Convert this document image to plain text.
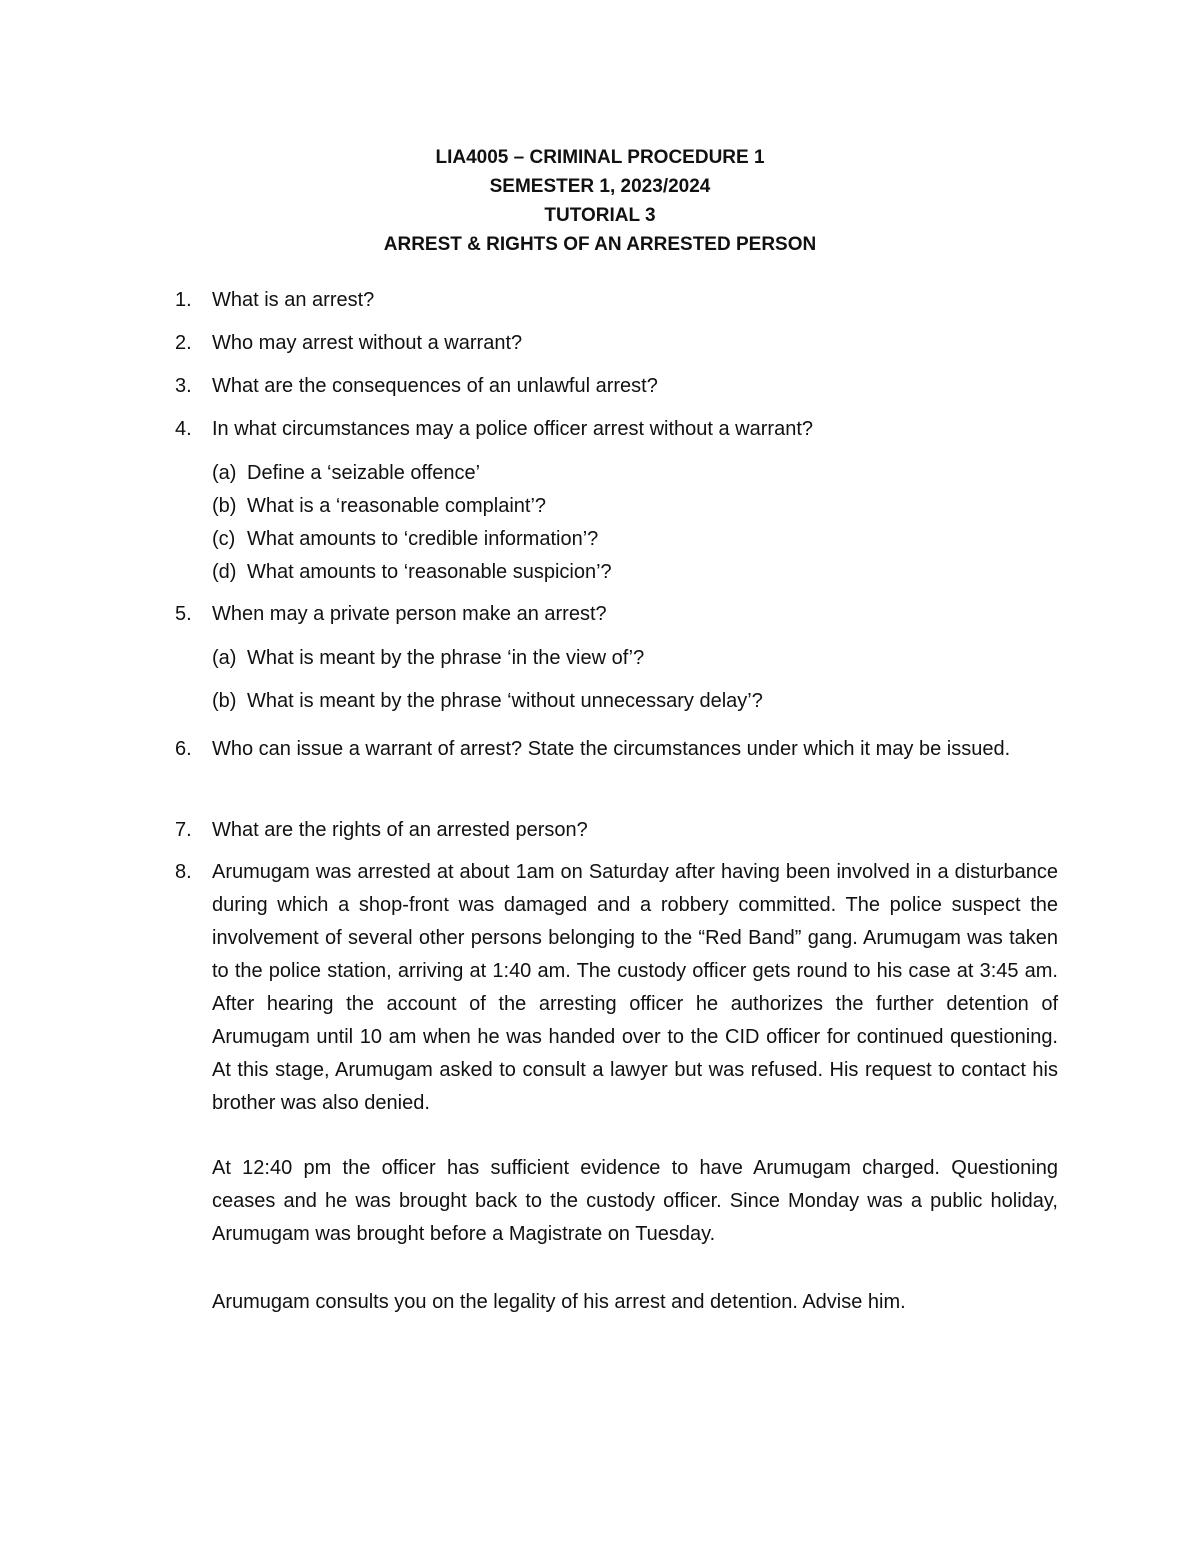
LIA4005 – CRIMINAL PROCEDURE 1
SEMESTER 1, 2023/2024
TUTORIAL 3
ARREST & RIGHTS OF AN ARRESTED PERSON
1.	What is an arrest?
2.	Who may arrest without a warrant?
3.	What are the consequences of an unlawful arrest?
4.	In what circumstances may a police officer arrest without a warrant?
(a) Define a ‘seizable offence’
(b) What is a ‘reasonable complaint’?
(c) What amounts to ‘credible information’?
(d) What amounts to ‘reasonable suspicion’?
5.	When may a private person make an arrest?
(a) What is meant by the phrase ‘in the view of’?
(b) What is meant by the phrase ‘without unnecessary delay’?
6.	Who can issue a warrant of arrest? State the circumstances under which it may be issued.
7.	What are the rights of an arrested person?
8.	Arumugam was arrested at about 1am on Saturday after having been involved in a disturbance during which a shop-front was damaged and a robbery committed. The police suspect the involvement of several other persons belonging to the “Red Band” gang. Arumugam was taken to the police station, arriving at 1:40 am. The custody officer gets round to his case at 3:45 am. After hearing the account of the arresting officer he authorizes the further detention of Arumugam until 10 am when he was handed over to the CID officer for continued questioning. At this stage, Arumugam asked to consult a lawyer but was refused. His request to contact his brother was also denied.
At 12:40 pm the officer has sufficient evidence to have Arumugam charged. Questioning ceases and he was brought back to the custody officer. Since Monday was a public holiday, Arumugam was brought before a Magistrate on Tuesday.
Arumugam consults you on the legality of his arrest and detention. Advise him.
